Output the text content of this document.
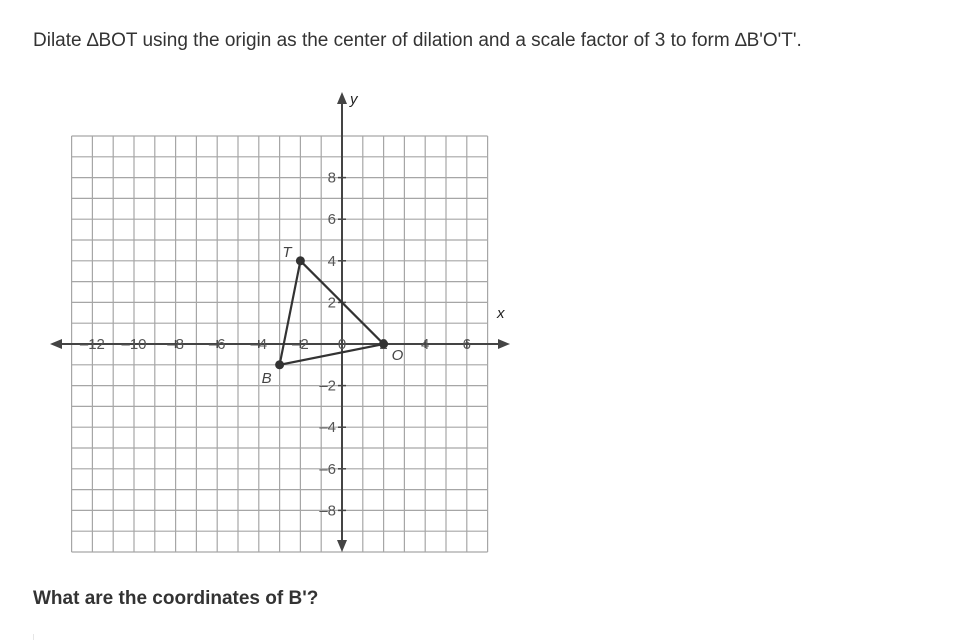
Dilate ∆BOT using the origin as the center of dilation and a scale factor of 3 to form ∆B'O'T'.
x
y
–12 –10 –8 –6 –4 –2 0	4 6
8
6
4
2
–2
–4
–6
–8
T
O
B
What are the coordinates of B'?
